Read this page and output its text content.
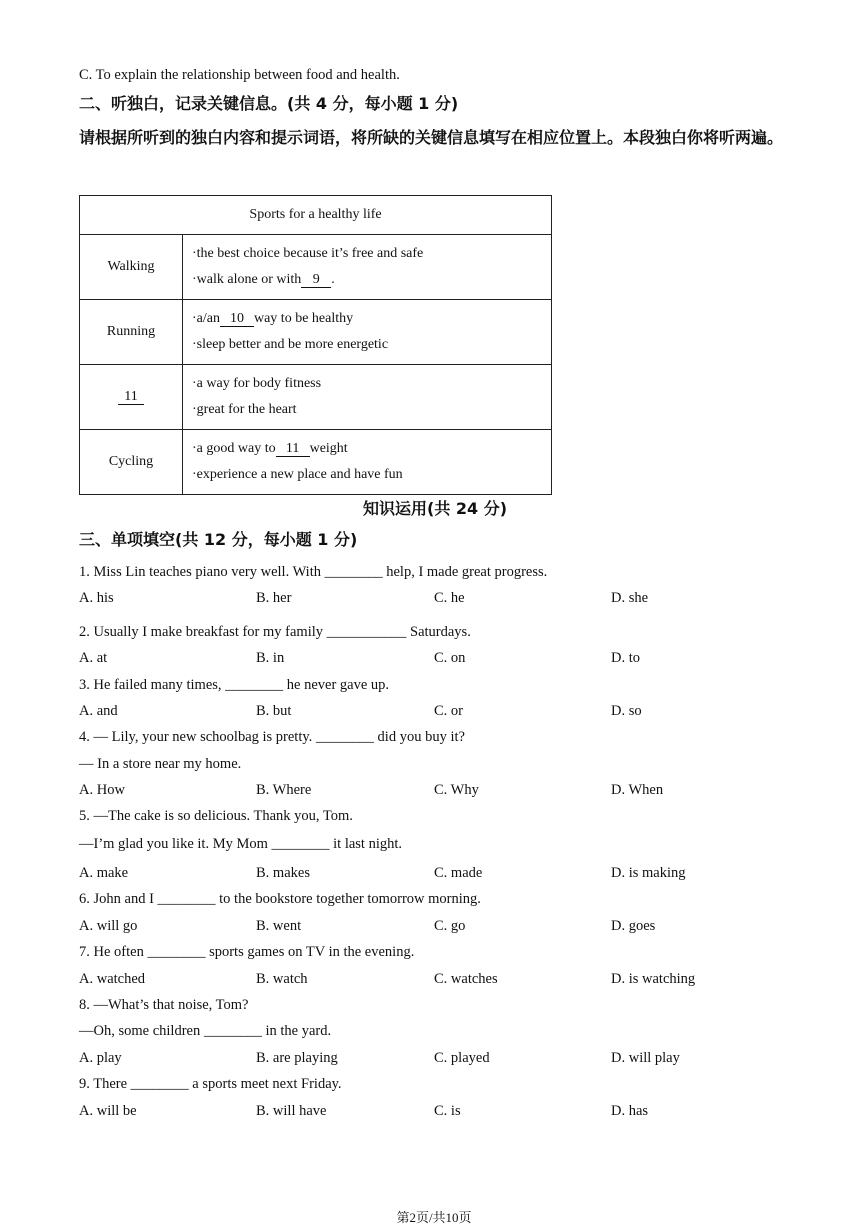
C. To explain the relationship between food and health.
二、听独白，记录关键信息。(共 4 分，每小题 1 分)
请根据所听到的独白内容和提示词语，将所缺的关键信息填写在相应位置上。本段独白你将听两遍。
Sports for a healthy life	
Walking	·the best choice because it’s free and safe
·walk alone or with 9 .

Running	·a/an 10 way to be healthy
·sleep better and be more energetic

11	·a way for body fitness
·great for the heart

Cycling	·a good way to 11 weight
·experience a new place and have fun
知识运用(共 24 分)
三、单项填空(共 12 分，每小题 1 分)
1. Miss Lin teaches piano very well. With ________ help, I made great progress.
A. his	B. her	C. he	D. she
2. Usually I make breakfast for my family ___________ Saturdays.
A. at	B. in	C. on	D. to
3. He failed many times, ________ he never gave up.
A. and	B. but	C. or	D. so
4. — Lily, your new schoolbag is pretty. ________ did you buy it?
— In a store near my home.
A. How	B. Where	C. Why	D. When
5. —The cake is so delicious. Thank you, Tom.
—I’m glad you like it. My Mom ________ it last night.
A. make	B. makes	C. made	D. is making
6. John and I ________ to the bookstore together tomorrow morning.
A. will go	B. went	C. go	D. goes
7. He often ________ sports games on TV in the evening.
A. watched	B. watch	C. watches	D. is watching
8. —What’s that noise, Tom?
—Oh, some children ________ in the yard.
A. play	B. are playing	C. played	D. will play
9. There ________ a sports meet next Friday.
A. will be	B. will have	C. is	D. has
第2页/共10页
